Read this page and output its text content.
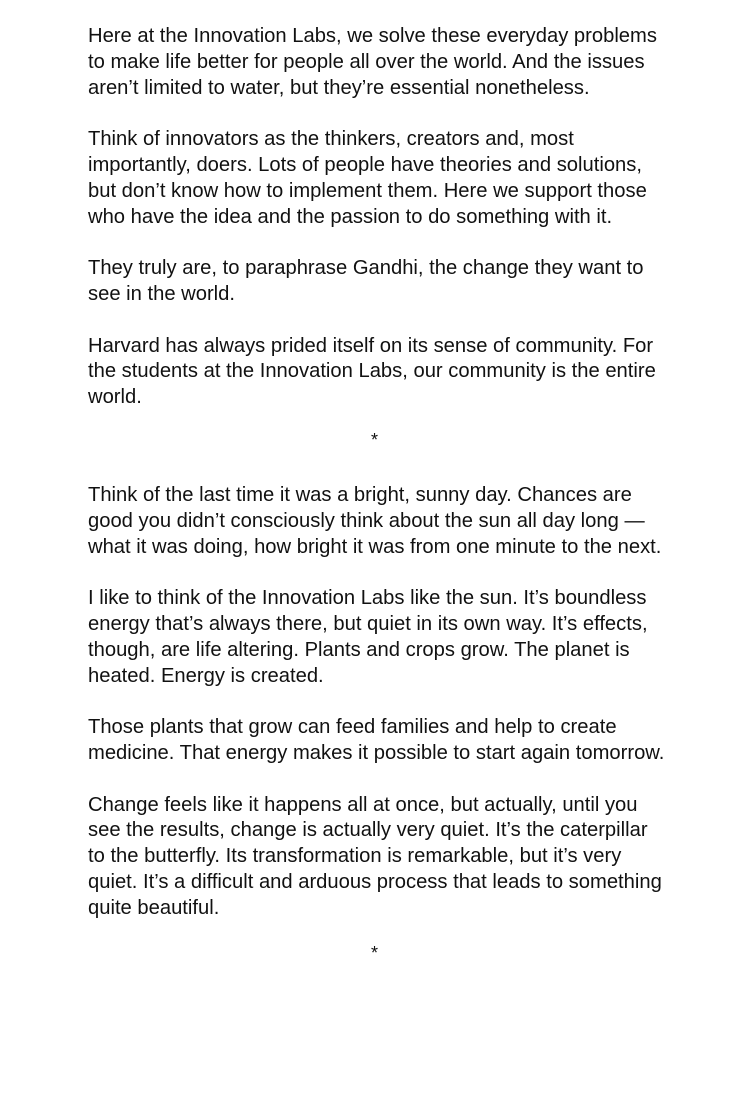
Here at the Innovation Labs, we solve these everyday problems to make life better for people all over the world. And the issues aren’t limited to water, but they’re essential nonetheless.

Think of innovators as the thinkers, creators and, most importantly, doers. Lots of people have theories and solutions, but don’t know how to implement them. Here we support those who have the idea and the passion to do something with it.

They truly are, to paraphrase Gandhi, the change they want to see in the world.

Harvard has always prided itself on its sense of community. For the students at the Innovation Labs, our community is the entire world.

*

Think of the last time it was a bright, sunny day. Chances are good you didn’t consciously think about the sun all day long — what it was doing, how bright it was from one minute to the next.

I like to think of the Innovation Labs like the sun. It’s boundless energy that’s always there, but quiet in its own way. It’s effects, though, are life altering. Plants and crops grow. The planet is heated. Energy is created.

Those plants that grow can feed families and help to create medicine. That energy makes it possible to start again tomorrow.

Change feels like it happens all at once, but actually, until you see the results, change is actually very quiet. It’s the caterpillar to the butterfly. Its transformation is remarkable, but it’s very quiet. It’s a difficult and arduous process that leads to something quite beautiful.

*
